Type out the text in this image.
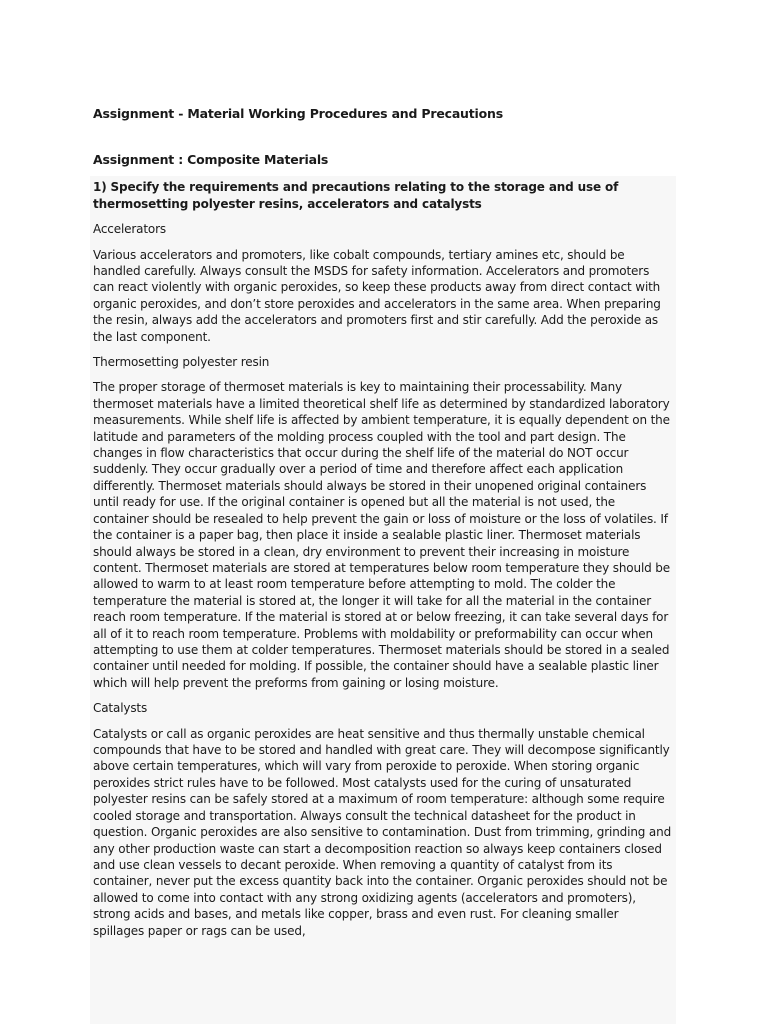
Assignment - Material Working Procedures and Precautions
Assignment : Composite Materials

1) Specify the requirements and precautions relating to the storage and use of thermosetting polyester resins, accelerators and catalysts

Accelerators

Various accelerators and promoters, like cobalt compounds, tertiary amines etc, should be handled carefully. Always consult the MSDS for safety information. Accelerators and promoters can react violently with organic peroxides, so keep these products away from direct contact with organic peroxides, and don’t store peroxides and accelerators in the same area. When preparing the resin, always add the accelerators and promoters first and stir carefully. Add the peroxide as the last component.

Thermosetting polyester resin

The proper storage of thermoset materials is key to maintaining their processability. Many thermoset materials have a limited theoretical shelf life as determined by standardized laboratory measurements. While shelf life is affected by ambient temperature, it is equally dependent on the latitude and parameters of the molding process coupled with the tool and part design. The changes in flow characteristics that occur during the shelf life of the material do NOT occur suddenly. They occur gradually over a period of time and therefore affect each application differently. Thermoset materials should always be stored in their unopened original containers until ready for use. If the original container is opened but all the material is not used, the container should be resealed to help prevent the gain or loss of moisture or the loss of volatiles. If the container is a paper bag, then place it inside a sealable plastic liner. Thermoset materials should always be stored in a clean, dry environment to prevent their increasing in moisture content. Thermoset materials are stored at temperatures below room temperature they should be allowed to warm to at least room temperature before attempting to mold. The colder the temperature the material is stored at, the longer it will take for all the material in the container reach room temperature. If the material is stored at or below freezing, it can take several days for all of it to reach room temperature. Problems with moldability or preformability can occur when attempting to use them at colder temperatures. Thermoset materials should be stored in a sealed container until needed for molding. If possible, the container should have a sealable plastic liner which will help prevent the preforms from gaining or losing moisture.

Catalysts

Catalysts or call as organic peroxides are heat sensitive and thus thermally unstable chemical compounds that have to be stored and handled with great care. They will decompose significantly above certain temperatures, which will vary from peroxide to peroxide. When storing organic peroxides strict rules have to be followed. Most catalysts used for the curing of unsaturated polyester resins can be safely stored at a maximum of room temperature: although some require cooled storage and transportation. Always consult the technical datasheet for the product in question. Organic peroxides are also sensitive to contamination. Dust from trimming, grinding and any other production waste can start a decomposition reaction so always keep containers closed and use clean vessels to decant peroxide. When removing a quantity of catalyst from its container, never put the excess quantity back into the container. Organic peroxides should not be allowed to come into contact with any strong oxidizing agents (accelerators and promoters), strong acids and bases, and metals like copper, brass and even rust. For cleaning smaller spillages paper or rags can be used,
